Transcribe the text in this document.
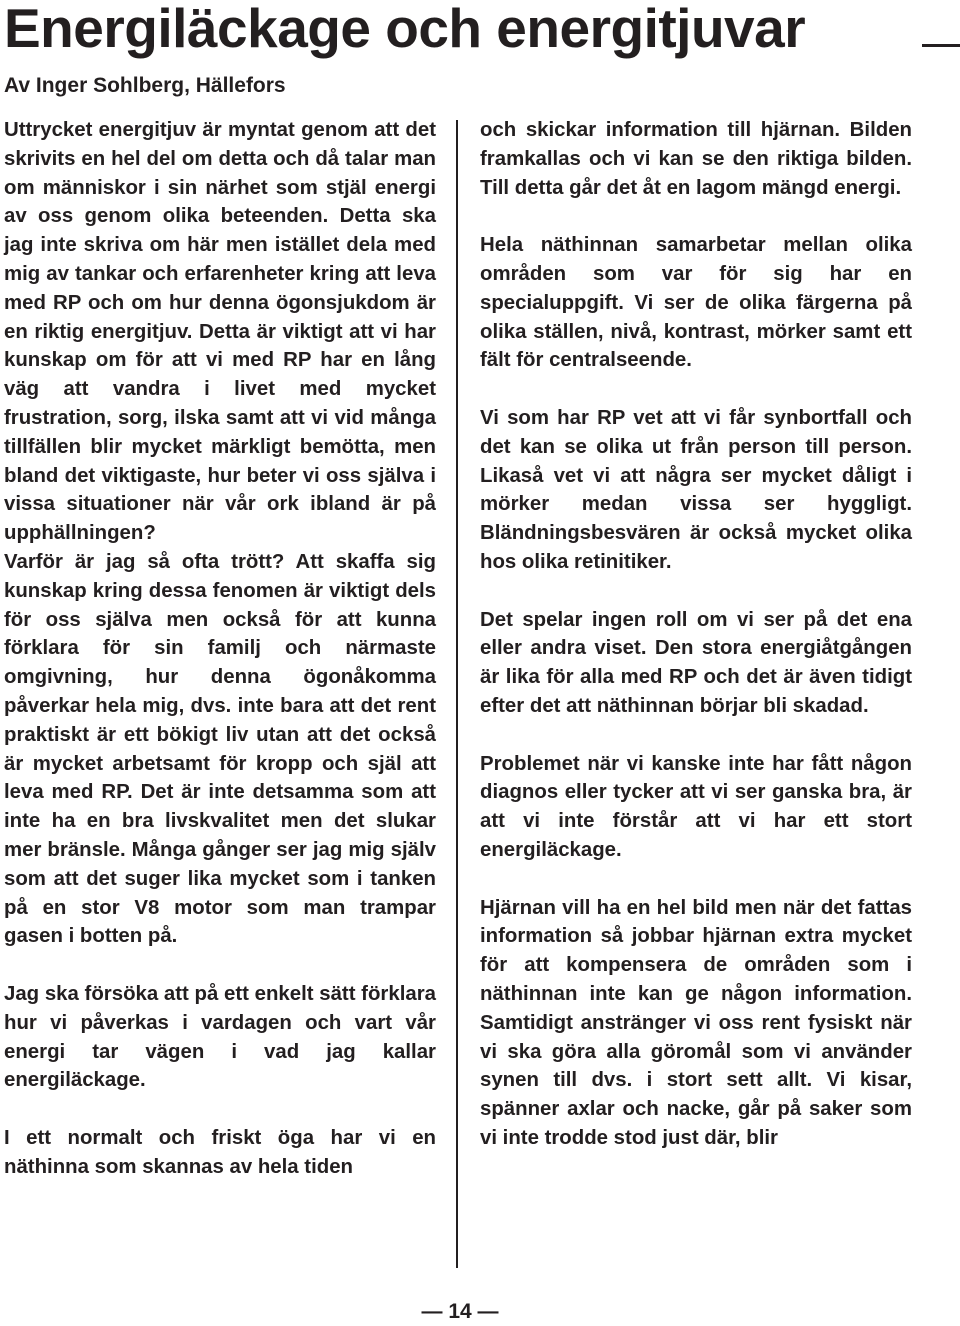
Energiläckage och energitjuvar
Av Inger Sohlberg, Hällefors

Uttrycket energitjuv är myntat genom att det skrivits en hel del om detta och då talar man om människor i sin närhet som stjäl energi av oss genom olika beteenden. Detta ska jag inte skriva om här men istället dela med mig av tankar och erfarenheter kring att leva med RP och om hur denna ögonsjukdom är en riktig energitjuv. Detta är viktigt att vi har kunskap om för att vi med RP har en lång väg att vandra i livet med mycket frustration, sorg, ilska samt att vi vid många tillfällen blir mycket märkligt bemötta, men bland det viktigaste, hur beter vi oss själva i vissa situationer när vår ork ibland är på upphällningen?

Varför är jag så ofta trött? Att skaffa sig kunskap kring dessa fenomen är viktigt dels för oss själva men också för att kunna förklara för sin familj och närmaste omgivning, hur denna ögonåkomma påverkar hela mig, dvs. inte bara att det rent praktiskt är ett bökigt liv utan att det också är mycket arbetsamt för kropp och själ att leva med RP. Det är inte detsamma som att inte ha en bra livskvalitet men det slukar mer bränsle. Många gånger ser jag mig själv som att det suger lika mycket som i tanken på en stor V8 motor som man trampar gasen i botten på.

Jag ska försöka att på ett enkelt sätt förklara hur vi påverkas i vardagen och vart vår energi tar vägen i vad jag kallar energiläckage.

I ett normalt och friskt öga har vi en näthinna som skannas av hela tiden

och skickar information till hjärnan. Bilden framkallas och vi kan se den riktiga bilden. Till detta går det åt en lagom mängd energi.

Hela näthinnan samarbetar mellan olika områden som var för sig har en specialuppgift. Vi ser de olika färgerna på olika ställen, nivå, kontrast, mörker samt ett fält för centralseende.

Vi som har RP vet att vi får synbortfall och det kan se olika ut från person till person. Likaså vet vi att några ser mycket dåligt i mörker medan vissa ser hyggligt. Bländningsbesvären är också mycket olika hos olika retinitiker.

Det spelar ingen roll om vi ser på det ena eller andra viset. Den stora energiåtgången är lika för alla med RP och det är även tidigt efter det att näthinnan börjar bli skadad.

Problemet när vi kanske inte har fått någon diagnos eller tycker att vi ser ganska bra, är att vi inte förstår att vi har ett stort energiläckage.

Hjärnan vill ha en hel bild men när det fattas information så jobbar hjärnan extra mycket för att kompensera de områden som i näthinnan inte kan ge någon information. Samtidigt anstränger vi oss rent fysiskt när vi ska göra alla göromål som vi använder synen till dvs. i stort sett allt. Vi kisar, spänner axlar och nacke, går på saker som vi inte trodde stod just där, blir

— 14 —
